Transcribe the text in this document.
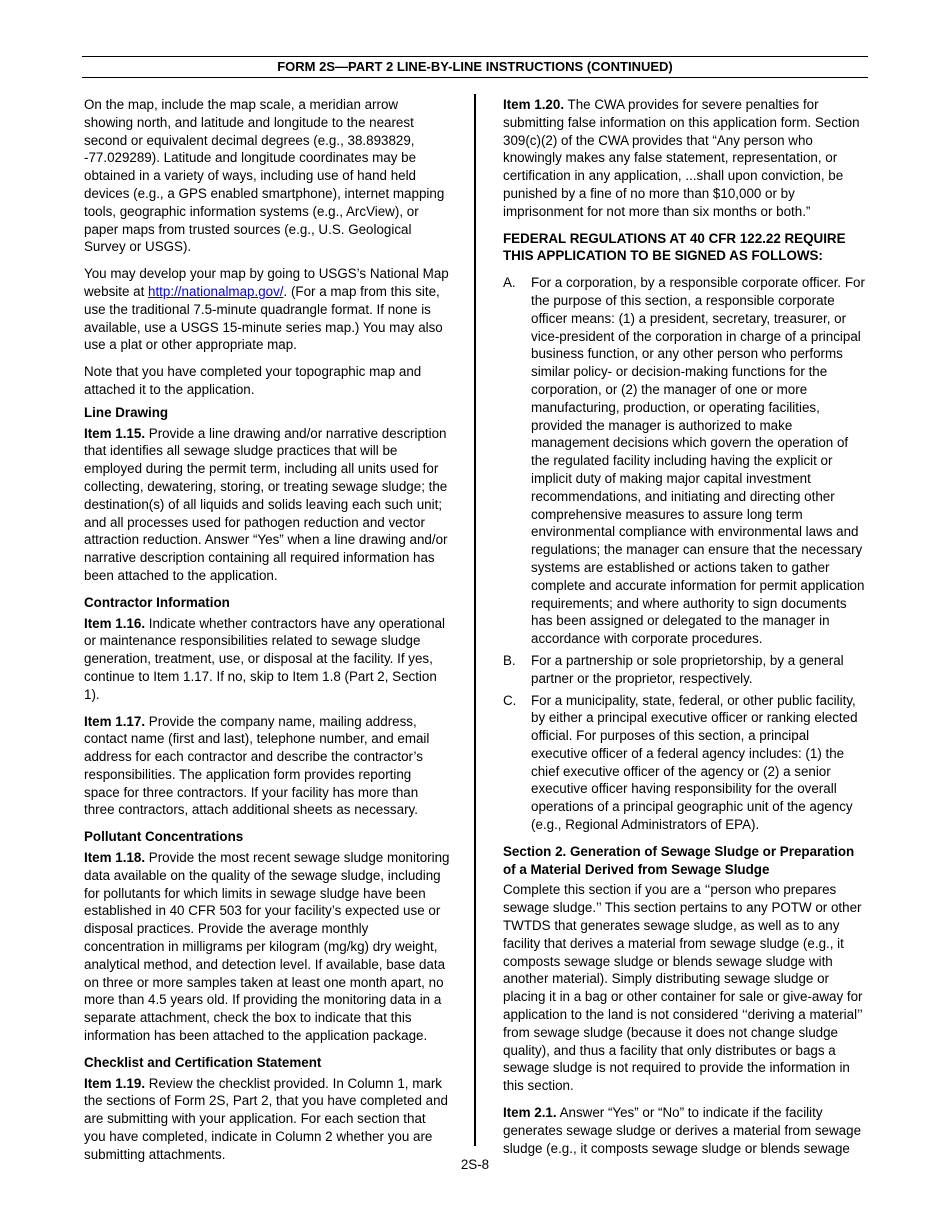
FORM 2S—PART 2 LINE-BY-LINE INSTRUCTIONS (CONTINUED)

On the map, include the map scale, a meridian arrow showing north, and latitude and longitude to the nearest second or equivalent decimal degrees (e.g., 38.893829, -77.029289). Latitude and longitude coordinates may be obtained in a variety of ways, including use of hand held devices (e.g., a GPS enabled smartphone), internet mapping tools, geographic information systems (e.g., ArcView), or paper maps from trusted sources (e.g., U.S. Geological Survey or USGS).

You may develop your map by going to USGS’s National Map website at http://nationalmap.gov/. (For a map from this site, use the traditional 7.5-minute quadrangle format. If none is available, use a USGS 15-minute series map.) You may also use a plat or other appropriate map.

Note that you have completed your topographic map and attached it to the application.

Line Drawing

Item 1.15. Provide a line drawing and/or narrative description that identifies all sewage sludge practices that will be employed during the permit term, including all units used for collecting, dewatering, storing, or treating sewage sludge; the destination(s) of all liquids and solids leaving each such unit; and all processes used for pathogen reduction and vector attraction reduction. Answer “Yes” when a line drawing and/or narrative description containing all required information has been attached to the application.

Contractor Information

Item 1.16. Indicate whether contractors have any operational or maintenance responsibilities related to sewage sludge generation, treatment, use, or disposal at the facility. If yes, continue to Item 1.17. If no, skip to Item 1.8 (Part 2, Section 1).

Item 1.17. Provide the company name, mailing address, contact name (first and last), telephone number, and email address for each contractor and describe the contractor’s responsibilities. The application form provides reporting space for three contractors. If your facility has more than three contractors, attach additional sheets as necessary.

Pollutant Concentrations

Item 1.18. Provide the most recent sewage sludge monitoring data available on the quality of the sewage sludge, including for pollutants for which limits in sewage sludge have been established in 40 CFR 503 for your facility’s expected use or disposal practices. Provide the average monthly concentration in milligrams per kilogram (mg/kg) dry weight, analytical method, and detection level. If available, base data on three or more samples taken at least one month apart, no more than 4.5 years old. If providing the monitoring data in a separate attachment, check the box to indicate that this information has been attached to the application package.

Checklist and Certification Statement

Item 1.19. Review the checklist provided. In Column 1, mark the sections of Form 2S, Part 2, that you have completed and are submitting with your application. For each section that you have completed, indicate in Column 2 whether you are submitting attachments.

Item 1.20. The CWA provides for severe penalties for submitting false information on this application form. Section 309(c)(2) of the CWA provides that “Any person who knowingly makes any false statement, representation, or certification in any application, ...shall upon conviction, be punished by a fine of no more than $10,000 or by imprisonment for not more than six months or both.”

FEDERAL REGULATIONS AT 40 CFR 122.22 REQUIRE THIS APPLICATION TO BE SIGNED AS FOLLOWS:

A. For a corporation, by a responsible corporate officer. For the purpose of this section, a responsible corporate officer means: (1) a president, secretary, treasurer, or vice-president of the corporation in charge of a principal business function, or any other person who performs similar policy- or decision-making functions for the corporation, or (2) the manager of one or more manufacturing, production, or operating facilities, provided the manager is authorized to make management decisions which govern the operation of the regulated facility including having the explicit or implicit duty of making major capital investment recommendations, and initiating and directing other comprehensive measures to assure long term environmental compliance with environmental laws and regulations; the manager can ensure that the necessary systems are established or actions taken to gather complete and accurate information for permit application requirements; and where authority to sign documents has been assigned or delegated to the manager in accordance with corporate procedures.
B. For a partnership or sole proprietorship, by a general partner or the proprietor, respectively.
C. For a municipality, state, federal, or other public facility, by either a principal executive officer or ranking elected official. For purposes of this section, a principal executive officer of a federal agency includes: (1) the chief executive officer of the agency or (2) a senior executive officer having responsibility for the overall operations of a principal geographic unit of the agency (e.g., Regional Administrators of EPA).
Section 2. Generation of Sewage Sludge or Preparation of a Material Derived from Sewage Sludge

Complete this section if you are a ‘‘person who prepares sewage sludge.’’ This section pertains to any POTW or other TWTDS that generates sewage sludge, as well as to any facility that derives a material from sewage sludge (e.g., it composts sewage sludge or blends sewage sludge with another material). Simply distributing sewage sludge or placing it in a bag or other container for sale or give-away for application to the land is not considered ‘‘deriving a material’’ from sewage sludge (because it does not change sludge quality), and thus a facility that only distributes or bags a sewage sludge is not required to provide the information in this section.

Item 2.1. Answer “Yes” or “No” to indicate if the facility generates sewage sludge or derives a material from sewage sludge (e.g., it composts sewage sludge or blends sewage

2S-8
